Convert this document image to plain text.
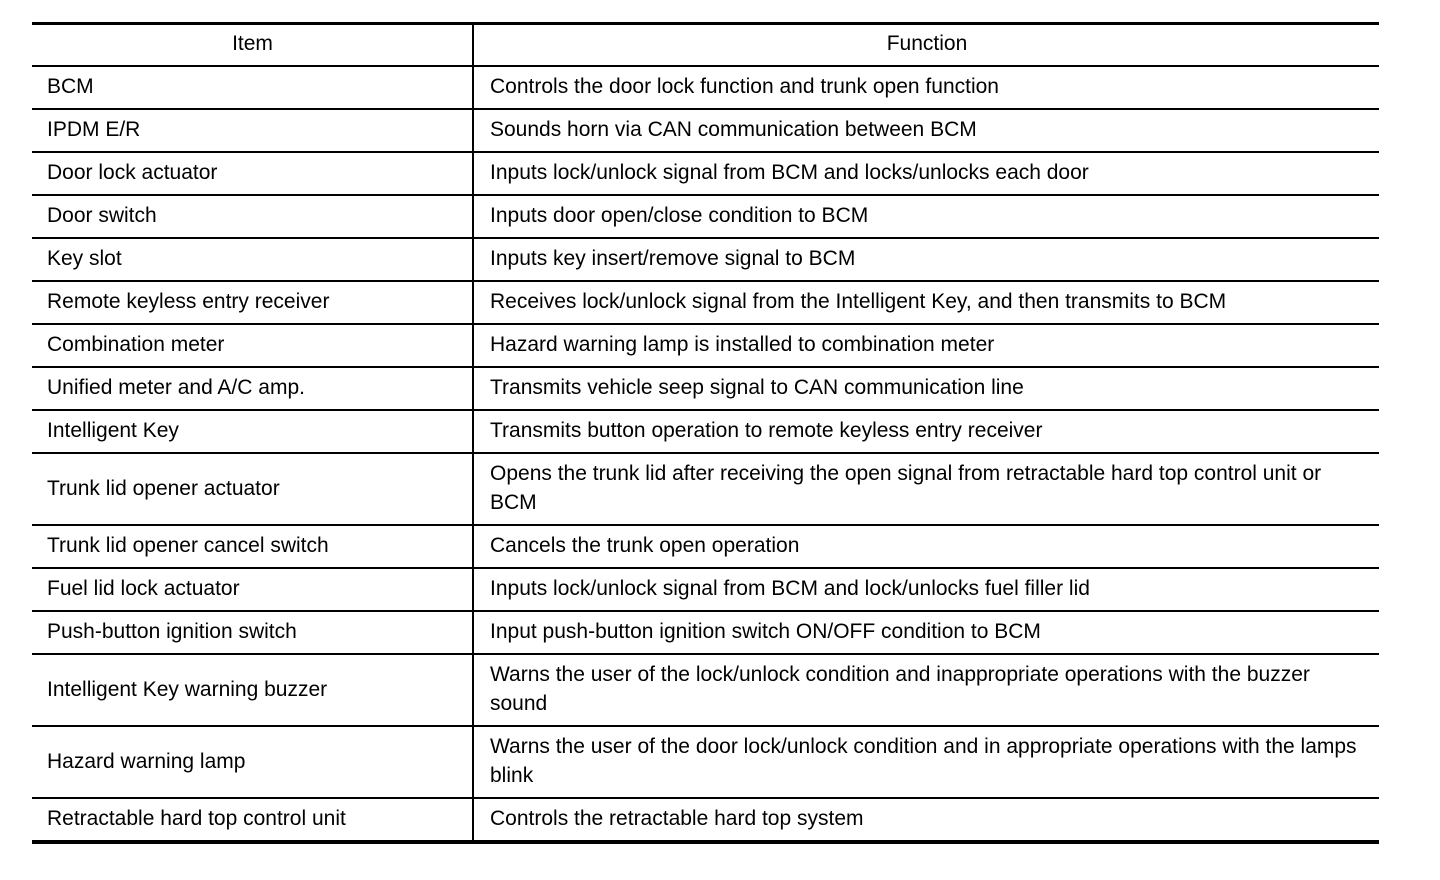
Item	Function
BCM	Controls the door lock function and trunk open function
IPDM E/R	Sounds horn via CAN communication between BCM
Door lock actuator	Inputs lock/unlock signal from BCM and locks/unlocks each door
Door switch	Inputs door open/close condition to BCM
Key slot	Inputs key insert/remove signal to BCM
Remote keyless entry receiver	Receives lock/unlock signal from the Intelligent Key, and then transmits to BCM
Combination meter	Hazard warning lamp is installed to combination meter
Unified meter and A/C amp.	Transmits vehicle seep signal to CAN communication line
Intelligent Key	Transmits button operation to remote keyless entry receiver
Trunk lid opener actuator	Opens the trunk lid after receiving the open signal from retractable hard top control unit or BCM
Trunk lid opener cancel switch	Cancels the trunk open operation
Fuel lid lock actuator	Inputs lock/unlock signal from BCM and lock/unlocks fuel filler lid
Push-button ignition switch	Input push-button ignition switch ON/OFF condition to BCM
Intelligent Key warning buzzer	Warns the user of the lock/unlock condition and inappropriate operations with the buzzer sound
Hazard warning lamp	Warns the user of the door lock/unlock condition and in appropriate operations with the lamps blink
Retractable hard top control unit	Controls the retractable hard top system
